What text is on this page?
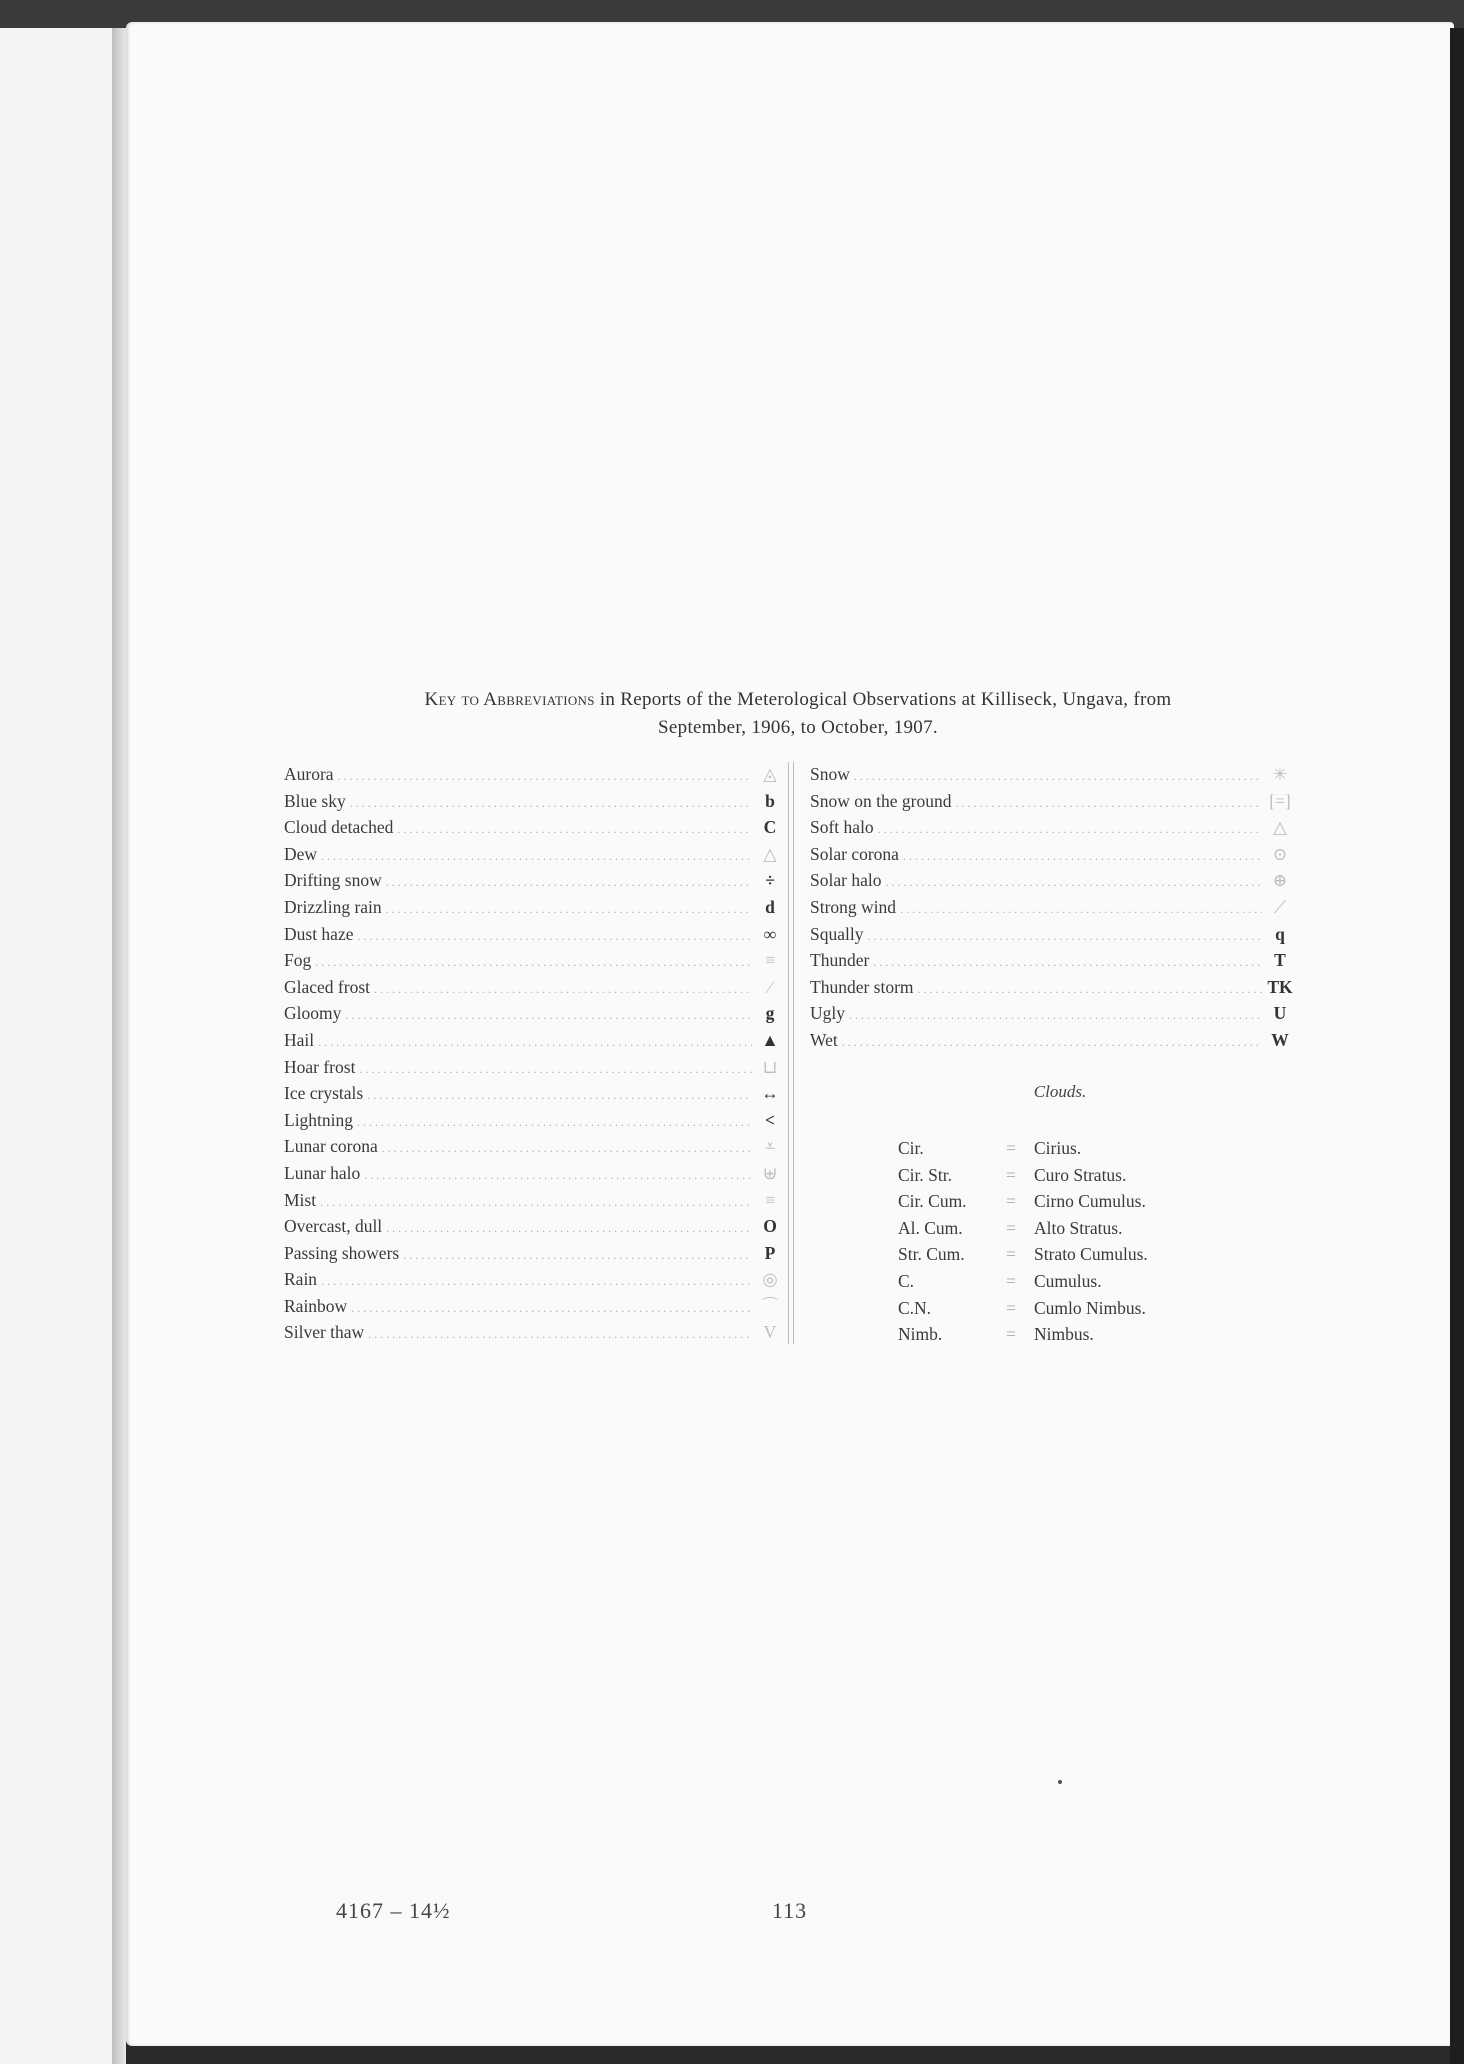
Key to Abbreviations in Reports of the Meterological Observations at Killiseck, Ungava, from
September, 1906, to October, 1907.
Aurora .....	◬
Blue sky .....	b
Cloud detached .....	C
Dew .....	△
Drifting snow .....	÷
Drizzling rain .....	d
Dust haze .....	∞
Fog .....	≡
Glaced frost .....	∕
Gloomy .....	g
Hail .....	▲
Hoar frost .....	⊔
Ice crystals .....	↔
Lightning .....	<
Lunar corona .....	⩡
Lunar halo .....	⊎
Mist .....	≡
Overcast, dull .....	O
Passing showers .....	P
Rain .....	◎
Rainbow .....	⌒
Silver thaw .....	V
Snow .....	✳
Snow on the ground .....	[=]
Soft halo .....	△
Solar corona .....	⊙
Solar halo .....	⊕
Strong wind .....	⟋
Squally .....	q
Thunder .....	T
Thunder storm .....	TK
Ugly .....	U
Wet .....	W
Clouds.
Cir.	=	Cirius.
Cir. Str.	=	Curo Stratus.
Cir. Cum.	=	Cirno Cumulus.
Al. Cum.	=	Alto Stratus.
Str. Cum.	=	Strato Cumulus.
C.	=	Cumulus.
C.N.	=	Cumlo Nimbus.
Nimb.	=	Nimbus.
4167 – 14½	113
